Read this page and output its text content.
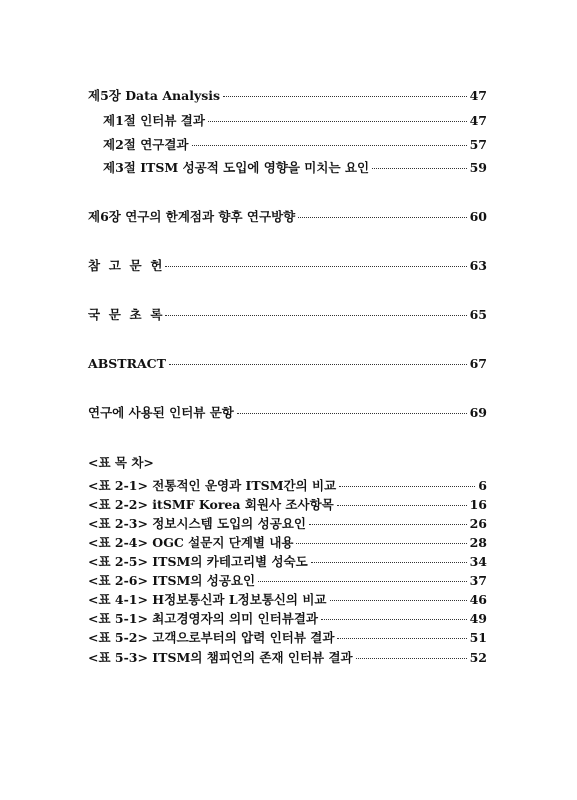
제5장 Data Analysis	47
제1절 인터뷰 결과	47
제2절 연구결과	57
제3절 ITSM 성공적 도입에 영향을 미치는 요인	59
제6장 연구의 한계점과 향후 연구방향	60
참  고  문  헌	63
국  문  초  록	65
ABSTRACT	67
연구에 사용된 인터뷰 문항	69
<표 목 차>
<표 2-1> 전통적인 운영과 ITSM간의 비교	6
<표 2-2> itSMF Korea 회원사 조사항목	16
<표 2-3> 정보시스템 도입의 성공요인	26
<표 2-4> OGC 설문지 단계별 내용	28
<표 2-5> ITSM의 카테고리별 성숙도	34
<표 2-6> ITSM의 성공요인	37
<표 4-1> H정보통신과 L정보통신의 비교	46
<표 5-1> 최고경영자의 의미 인터뷰결과	49
<표 5-2> 고객으로부터의 압력 인터뷰 결과	51
<표 5-3> ITSM의 챔피언의 존재 인터뷰 결과	52
